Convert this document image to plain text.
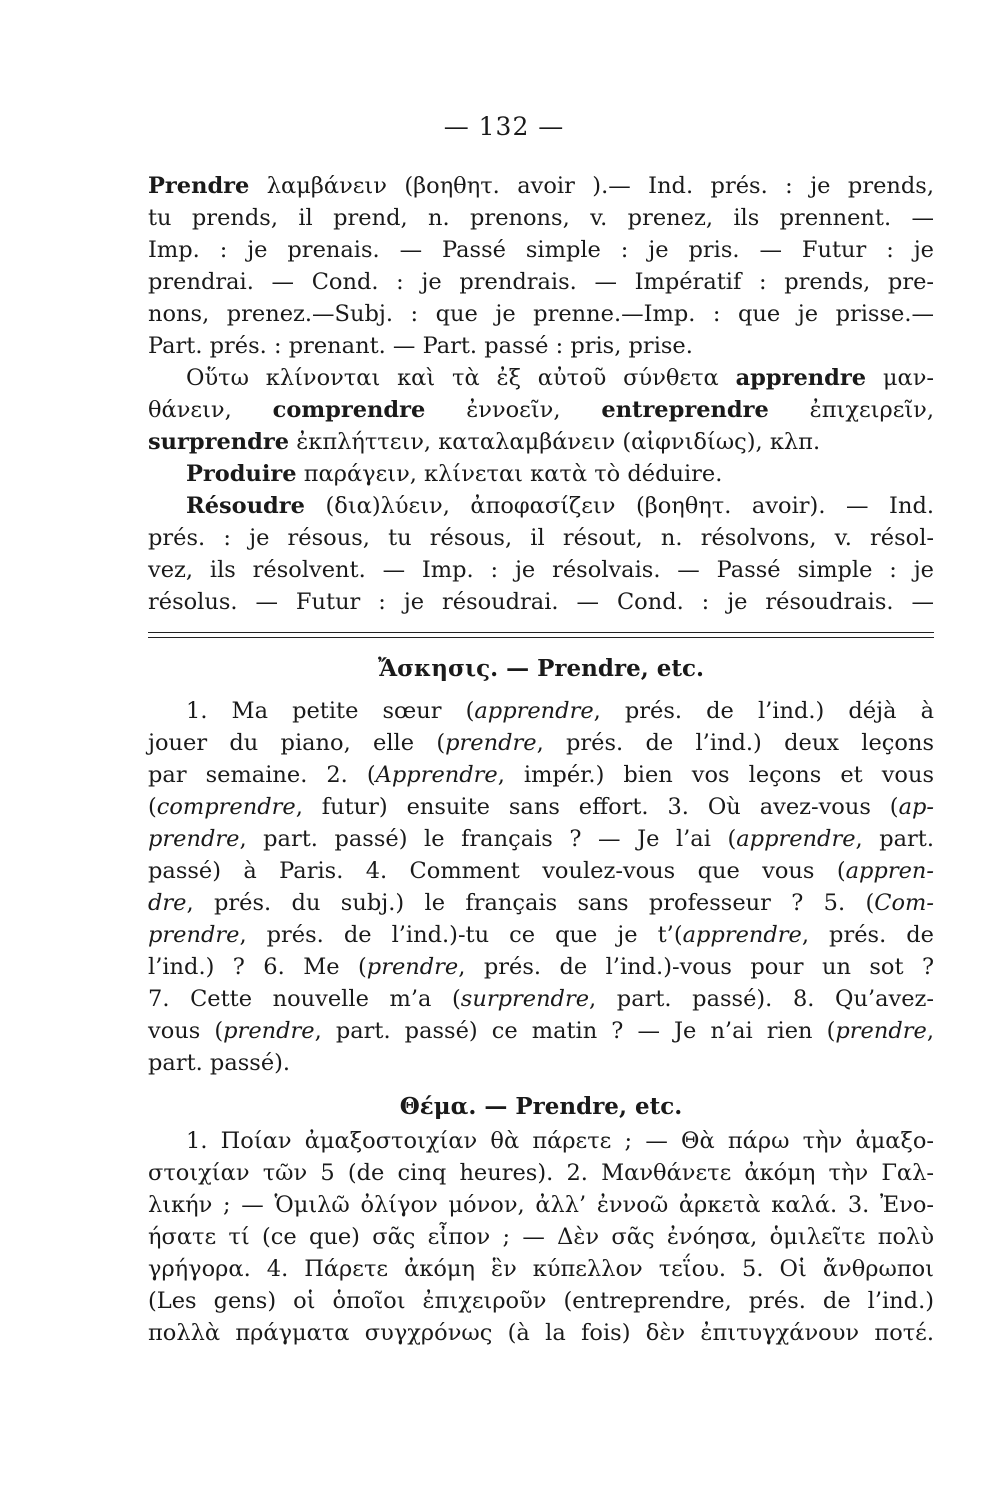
— 132 —
Prendre λαμβάνειν (βοηθητ. avoir ).— Ind. prés. : je prends,
tu prends, il prend, n. prenons, v. prenez, ils prennent. —
Imp. : je prenais. — Passé simple : je pris. — Futur : je
prendrai. — Cond. : je prendrais. — Impératif : prends, pre-
nons, prenez.—Subj. : que je prenne.—Imp. : que je prisse.—
Part. prés. : prenant. — Part. passé : pris, prise.
Οὕτω κλίνονται καὶ τὰ ἐξ αὐτοῦ σύνθετα apprendre μαν-
θάνειν, comprendre ἐννοεῖν, entreprendre ἐπιχειρεῖν,
surprendre ἐκπλήττειν, καταλαμβάνειν (αἰφνιδίως), κλπ.
Produire παράγειν, κλίνεται κατὰ τὸ déduire.
Résoudre (δια)λύειν, ἀποφασίζειν (βοηθητ. avoir). — Ind.
prés. : je résous, tu résous, il résout, n. résolvons, v. résol-
vez, ils résolvent. — Imp. : je résolvais. — Passé simple : je
résolus. — Futur : je résoudrai. — Cond. : je résoudrais. —
Ἄσκησις. — Prendre, etc.
1. Ma petite sœur (apprendre, prés. de l’ind.) déjà à
jouer du piano, elle (prendre, prés. de l’ind.) deux leçons
par semaine. 2. (Apprendre, impér.) bien vos leçons et vous
(comprendre, futur) ensuite sans effort. 3. Où avez-vous (ap-
prendre, part. passé) le français ? — Je l’ai (apprendre, part.
passé) à Paris. 4. Comment voulez-vous que vous (appren-
dre, prés. du subj.) le français sans professeur ? 5. (Com-
prendre, prés. de l’ind.)-tu ce que je t’(apprendre, prés. de
l’ind.) ? 6. Me (prendre, prés. de l’ind.)-vous pour un sot ?
7. Cette nouvelle m’a (surprendre, part. passé). 8. Qu’avez-
vous (prendre, part. passé) ce matin ? — Je n’ai rien (prendre,
part. passé).
Θέμα. — Prendre, etc.
1. Ποίαν ἀμαξοστοιχίαν θὰ πάρετε ; — Θὰ πάρω τὴν ἀμαξο-
στοιχίαν τῶν 5 (de cinq heures). 2. Μανθάνετε ἀκόμη τὴν Γαλ-
λικήν ; — Ὁμιλῶ ὀλίγον μόνον, ἀλλ’ ἐννοῶ ἀρκετὰ καλά. 3. Ἐνο-
ήσατε τί (ce que) σᾶς εἶπον ; — Δὲν σᾶς ἐνόησα, ὁμιλεῖτε πολὺ
γρήγορα. 4. Πάρετε ἀκόμη ἓν κύπελλον τεΐου. 5. Οἱ ἄνθρωποι
(Les gens) οἱ ὁποῖοι ἐπιχειροῦν (entreprendre, prés. de l’ind.)
πολλὰ πράγματα συγχρόνως (à la fois) δὲν ἐπιτυγχάνουν ποτέ.
